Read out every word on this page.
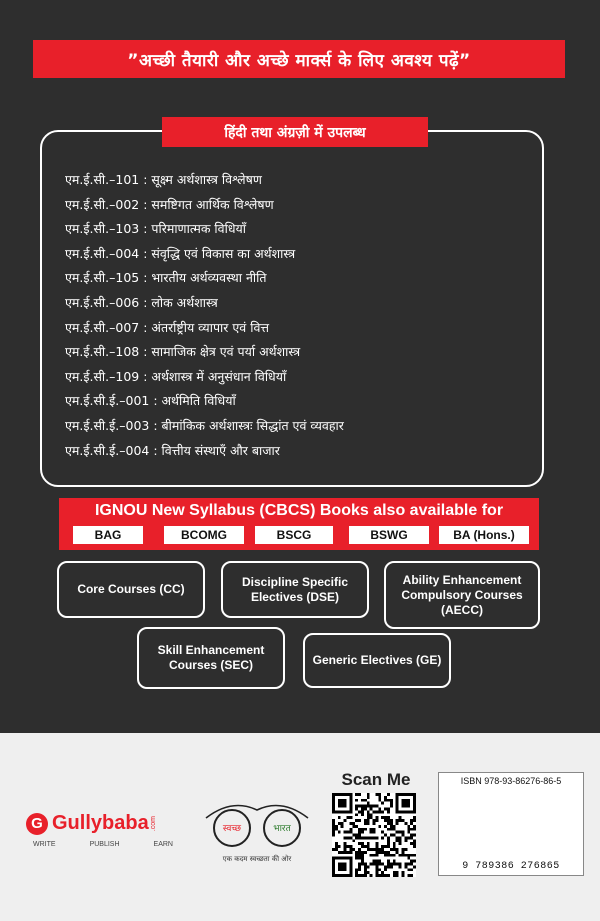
”अच्छी तैयारी और अच्छे मार्क्स के लिए अवश्य पढ़ें”
हिंदी तथा अंग्रज़ी में उपलब्ध
एम.ई.सी.–101 : सूक्ष्म अर्थशास्त्र विश्लेषण
एम.ई.सी.–002 : समष्टिगत आर्थिक विश्लेषण
एम.ई.सी.–103 : परिमाणात्मक विधियाँ
एम.ई.सी.–004 : संवृद्धि एवं विकास का अर्थशास्त्र
एम.ई.सी.–105 : भारतीय अर्थव्यवस्था नीति
एम.ई.सी.–006 : लोक अर्थशास्त्र
एम.ई.सी.–007 : अंतर्राष्ट्रीय व्यापार एवं वित्त
एम.ई.सी.–108 : सामाजिक क्षेत्र एवं पर्या अर्थशास्त्र
एम.ई.सी.–109 : अर्थशास्त्र में अनुसंधान विधियाँ
एम.ई.सी.ई.–001 : अर्थमिति विधियाँ
एम.ई.सी.ई.–003 : बीमांकिक अर्थशास्त्रः सिद्धांत एवं व्यवहार
एम.ई.सी.ई.–004 : वित्तीय संस्थाएँ और बाजार
IGNOU New Syllabus (CBCS) Books also available for
BAG	BCOMG	BSCG	BSWG	BA (Hons.)
Core Courses (CC)
Discipline Specific Electives (DSE)
Ability Enhancement Compulsory Courses (AECC)
Skill Enhancement Courses (SEC)	Generic Electives (GE)
G Gullybaba .com
WRITE	PUBLISH	EARN
स्वच्छ	भारत
एक कदम स्वच्छता की ओर
Scan Me	ISBN 978-93-86276-86-5
9 789386 276865
